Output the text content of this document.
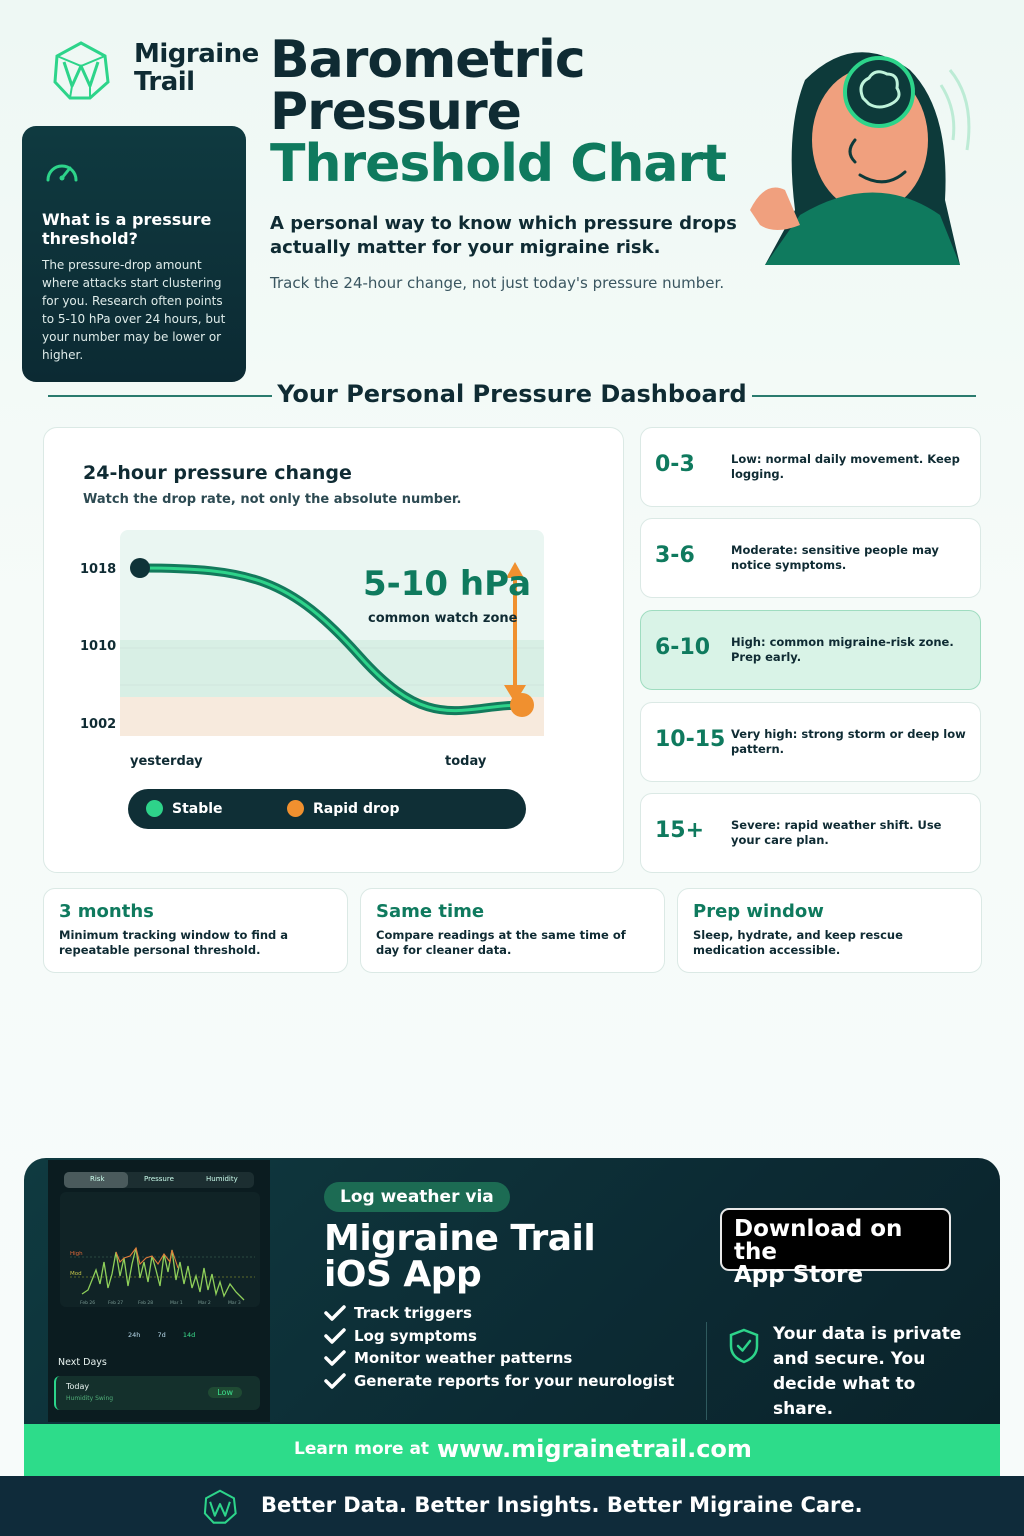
Migraine
Trail	Barometric
Pressure
Threshold Chart
A personal way to know which pressure drops actually matter for your migraine risk.
Track the 24-hour change, not just today's pressure number.
What is a pressure threshold?

The pressure-drop amount where attacks start clustering for you. Research often points to 5-10 hPa over 24 hours, but your number may be lower or higher.

Your Personal Pressure Dashboard
24-hour pressure change
Watch the drop rate, not only the absolute number.
1018
1010
1002
yesterday	today
5-10 hPa
common watch zone
Stable	Rapid drop
0-3	Low: normal daily movement. Keep logging.
3-6	Moderate: sensitive people may notice symptoms.
6-10 High: common migraine-risk zone. Prep early.
10-15 Very high: strong storm or deep low pattern.
15+ Severe: rapid weather shift. Use your care plan.
3 months

Minimum tracking window to find a repeatable personal threshold.

Same time

Compare readings at the same time of day for cleaner data.

Prep window

Sleep, hydrate, and keep rescue medication accessible.

Risk	Pressure	Humidity
High
Mod
Feb 26	Feb 27	Feb 28	Mar 1	Mar 2	Mar 3
24h	7d	14d
Next Days
Today
Humidity Swing
Low
Log weather via
Migraine Trail
iOS App
Track triggers
Log symptoms
Monitor weather patterns
Generate reports for your neurologist
Download on the
App Store
Your data is private and secure. You decide what to share.
Learn more at www.migrainetrail.com
Better Data. Better Insights. Better Migraine Care.
